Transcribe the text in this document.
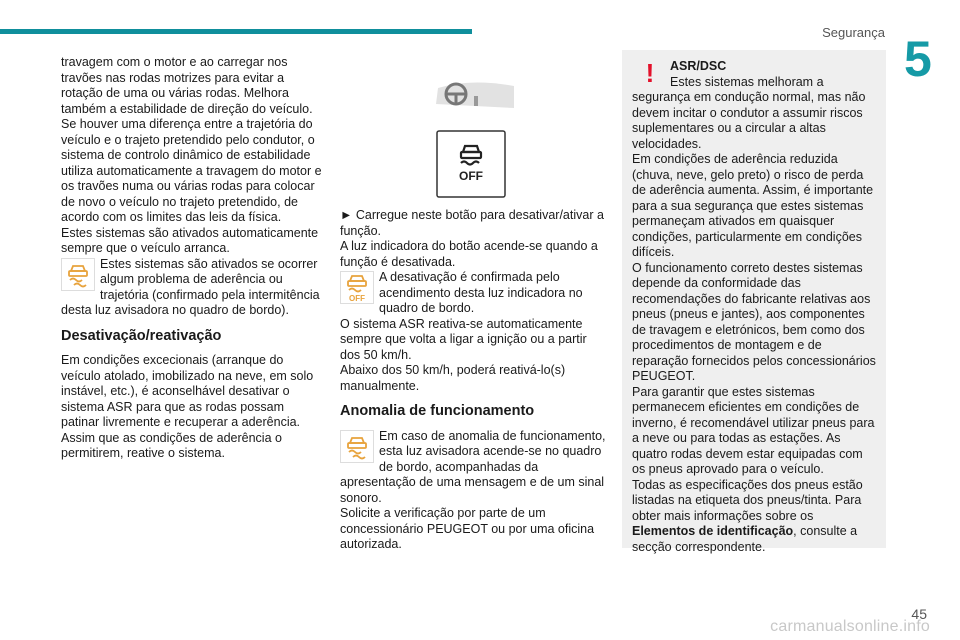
Segurança 5

travagem com o motor e ao carregar nos travões nas rodas motrizes para evitar a rotação de uma ou várias rodas. Melhora também a estabilidade de direção do veículo.

Se houver uma diferença entre a trajetória do veículo e o trajeto pretendido pelo condutor, o sistema de controlo dinâmico de estabilidade utiliza automaticamente a travagem do motor e os travões numa ou várias rodas para colocar de novo o veículo no trajeto pretendido, de acordo com os limites das leis da física.

Estes sistemas são ativados automaticamente sempre que o veículo arranca.

Estes sistemas são ativados se ocorrer algum problema de aderência ou trajetória (confirmado pela intermitência desta luz avisadora no quadro de bordo).

Desativação/reativação

Em condições excecionais (arranque do veículo atolado, imobilizado na neve, em solo instável, etc.), é aconselhável desativar o sistema ASR para que as rodas possam patinar livremente e recuperar a aderência.

Assim que as condições de aderência o permitirem, reative o sistema.

OFF

► Carregue neste botão para desativar/ativar a função.

A luz indicadora do botão acende-se quando a função é desativada.

OFF

A desativação é confirmada pelo acendimento desta luz indicadora no quadro de bordo.

O sistema ASR reativa-se automaticamente sempre que volta a ligar a ignição ou a partir dos 50 km/h.

Abaixo dos 50 km/h, poderá reativá-lo(s) manualmente.

Anomalia de funcionamento

Em caso de anomalia de funcionamento, esta luz avisadora acende-se no quadro de bordo, acompanhadas da apresentação de uma mensagem e de um sinal sonoro.

Solicite a verificação por parte de um concessionário PEUGEOT ou por uma oficina autorizada.

!	ASR/DSC

Estes sistemas melhoram a segurança em condução normal, mas não devem incitar o condutor a assumir riscos suplementares ou a circular a altas velocidades.

Em condições de aderência reduzida (chuva, neve, gelo preto) o risco de perda de aderência aumenta. Assim, é importante para a sua segurança que estes sistemas permaneçam ativados em quaisquer condições, particularmente em condições difíceis.

O funcionamento correto destes sistemas depende da conformidade das recomendações do fabricante relativas aos pneus (pneus e jantes), aos componentes de travagem e eletrónicos, bem como dos procedimentos de montagem e de reparação fornecidos pelos concessionários PEUGEOT.

Para garantir que estes sistemas permanecem eficientes em condições de inverno, é recomendável utilizar pneus para a neve ou para todas as estações. As quatro rodas devem estar equipadas com os pneus aprovado para o veículo.

Todas as especificações dos pneus estão listadas na etiqueta dos pneus/tinta. Para obter mais informações sobre os Elementos de identificação, consulte a secção correspondente.

45
carmanualsonline.info
